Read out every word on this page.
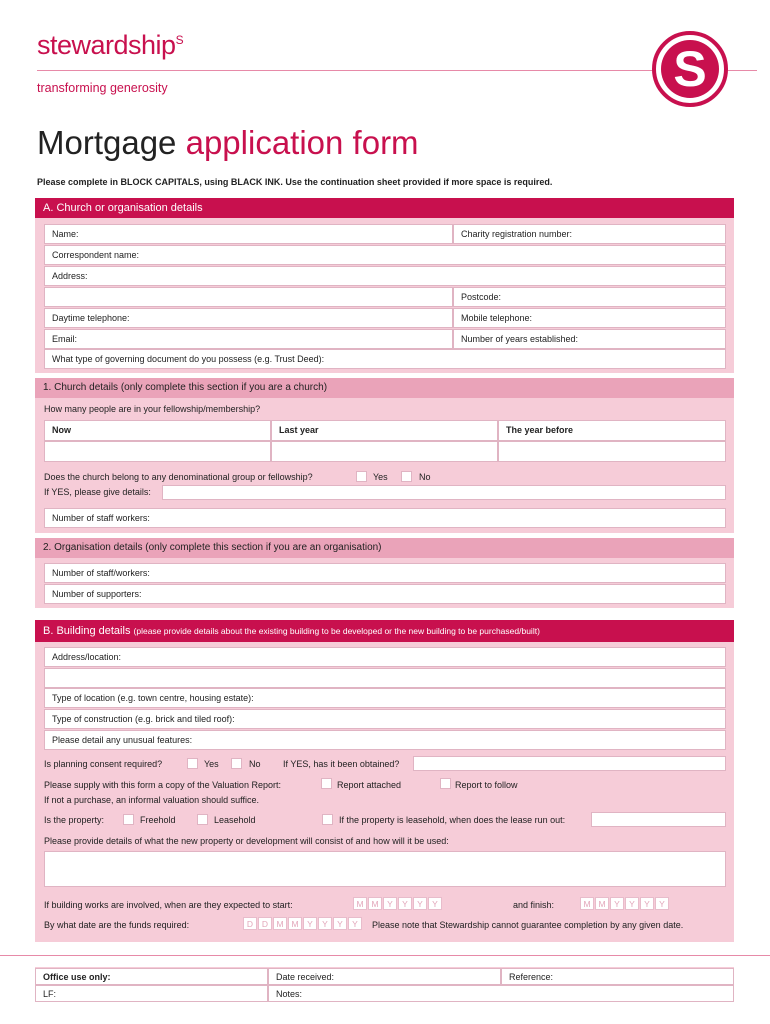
stewardship$^S$
transforming generosity	S
Mortgage application form
Please complete in BLOCK CAPITALS, using BLACK INK. Use the continuation sheet provided if more space is required.
A. Church or organisation details
Name:	Charity registration number:
Correspondent name:
Address:
Postcode:
Daytime telephone:	Mobile telephone:
Email:	Number of years established:
What type of governing document do you possess (e.g. Trust Deed):
1. Church details (only complete this section if you are a church)
How many people are in your fellowship/membership?
Now	Last year	The year before
Does the church belong to any denominational group or fellowship?	Yes	No
If YES, please give details:
Number of staff workers:
2. Organisation details (only complete this section if you are an organisation)
Number of staff/workers:
Number of supporters:
B. Building details (please provide details about the existing building to be developed or the new building to be purchased/built)
Address/location:
Type of location (e.g. town centre, housing estate):
Type of construction (e.g. brick and tiled roof):
Please detail any unusual features:
Is planning consent required?	Yes	No If YES, has it been obtained?
Please supply with this form a copy of the Valuation Report:	Report attached	Report to follow
If not a purchase, an informal valuation should suffice.
Is the property:	Freehold	Leasehold	If the property is leasehold, when does the lease run out:
Please provide details of what the new property or development will consist of and how will it be used:
If building works are involved, when are they expected to start:	M M	Y	Y	Y	Y	and finish:	M M	Y	Y	Y	Y
By what date are the funds required:	D	D M M	Y	Y	Y	Y	Please note that Stewardship cannot guarantee completion by any given date.
Office use only:	Date received:	Reference:
LF:	Notes:
